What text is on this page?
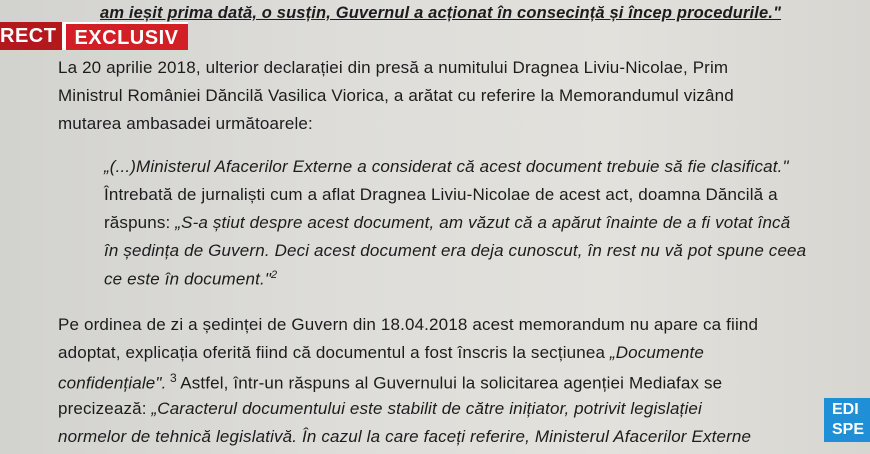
am ieșit prima dată, o susțin, Guvernul a acționat în consecință și încep procedurile."
La 20 aprilie 2018, ulterior declarației din presă a numitului Dragnea Liviu-Nicolae, Prim
Ministrul României Dăncilă Vasilica Viorica, a arătat cu referire la Memorandumul vizând
mutarea ambasadei următoarele:
„(...)Ministerul Afacerilor Externe a considerat că acest document trebuie să fie clasificat."
Întrebată de jurnaliști cum a aflat Dragnea Liviu-Nicolae de acest act, doamna Dăncilă a
răspuns: „S-a știut despre acest document, am văzut că a apărut înainte de a fi votat încă
în ședința de Guvern. Deci acest document era deja cunoscut, în rest nu vă pot spune ceea
ce este în document."$^2$
Pe ordinea de zi a ședinței de Guvern din 18.04.2018 acest memorandum nu apare ca fiind
adoptat, explicația oferită fiind că documentul a fost înscris la secțiunea „Documente
confidențiale". $^3$ Astfel, într-un răspuns al Guvernului la solicitarea agenției Mediafax se
precizează: „Caracterul documentului este stabilit de către inițiator, potrivit legislației
normelor de tehnică legislativă. În cazul la care faceți referire, Ministerul Afacerilor Externe
RECT EXCLUSIV
EDI
SPE
